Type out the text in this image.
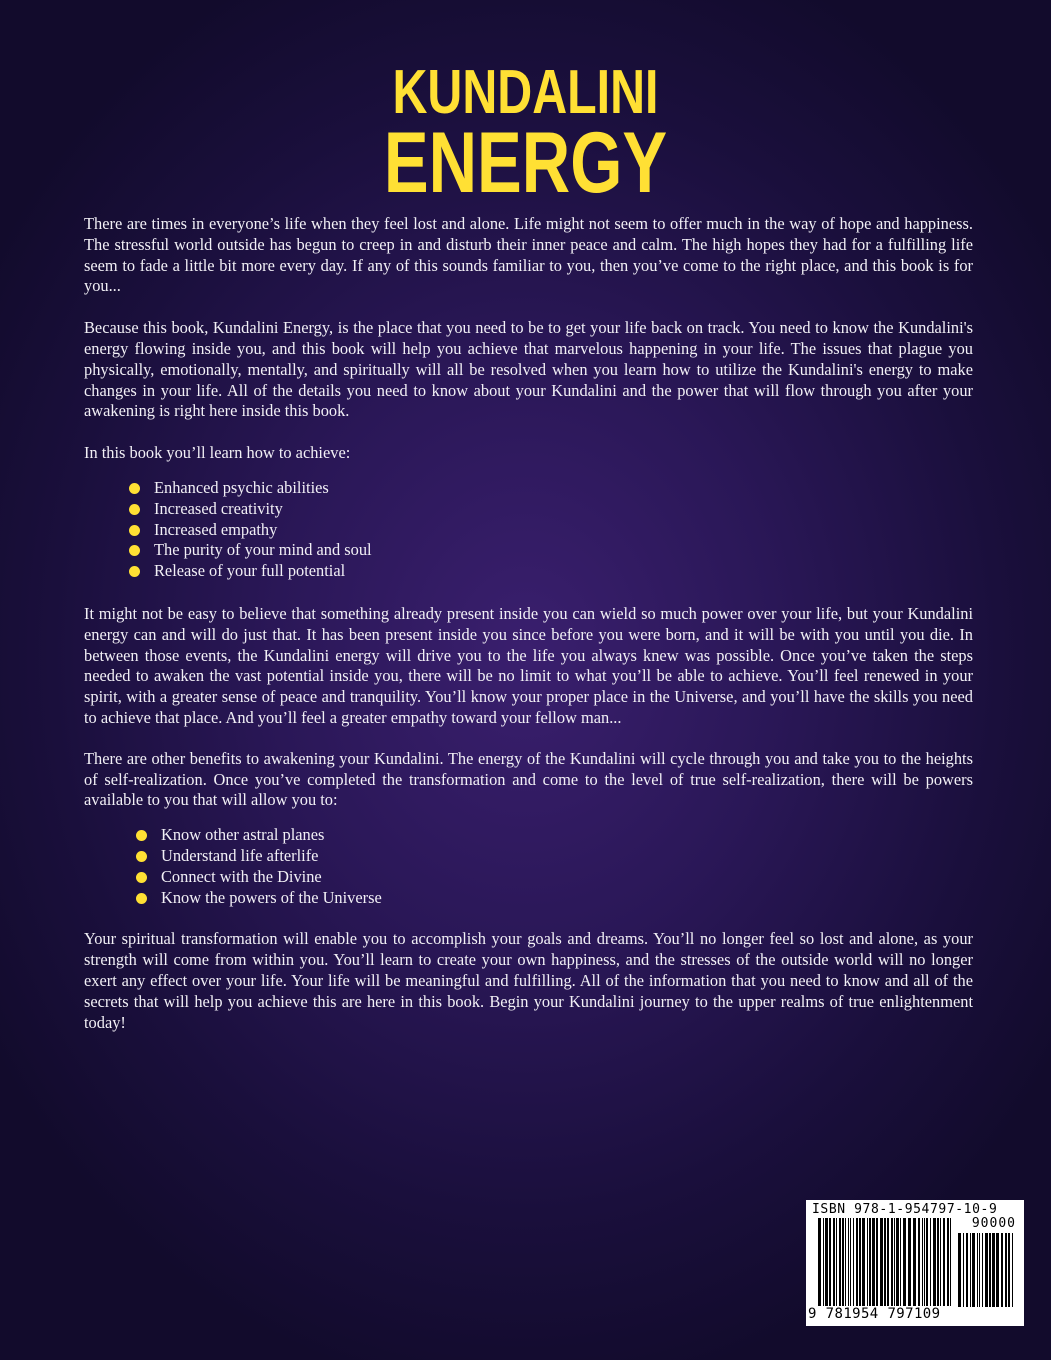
KUNDALINI
ENERGY

There are times in everyone’s life when they feel lost and alone. Life might not seem to offer much in the way of hope and happiness. The stressful world outside has begun to creep in and disturb their inner peace and calm. The high hopes they had for a fulfilling life seem to fade a little bit more every day. If any of this sounds familiar to you, then you’ve come to the right place, and this book is for you...

Because this book, Kundalini Energy, is the place that you need to be to get your life back on track. You need to know the Kundalini's energy flowing inside you, and this book will help you achieve that marvelous happening in your life. The issues that plague you physically, emotionally, mentally, and spiritually will all be resolved when you learn how to utilize the Kundalini's energy to make changes in your life. All of the details you need to know about your Kundalini and the power that will flow through you after your awakening is right here inside this book.

In this book you’ll learn how to achieve:

Enhanced psychic abilities
Increased creativity
Increased empathy
The purity of your mind and soul
Release of your full potential

It might not be easy to believe that something already present inside you can wield so much power over your life, but your Kundalini energy can and will do just that. It has been present inside you since before you were born, and it will be with you until you die. In between those events, the Kundalini energy will drive you to the life you always knew was possible. Once you’ve taken the steps needed to awaken the vast potential inside you, there will be no limit to what you’ll be able to achieve. You’ll feel renewed in your spirit, with a greater sense of peace and tranquility. You’ll know your proper place in the Universe, and you’ll have the skills you need to achieve that place. And you’ll feel a greater empathy toward your fellow man...

There are other benefits to awakening your Kundalini. The energy of the Kundalini will cycle through you and take you to the heights of self-realization. Once you’ve completed the transformation and come to the level of true self-realization, there will be powers available to you that will allow you to:

Know other astral planes
Understand life afterlife
Connect with the Divine
Know the powers of the Universe

Your spiritual transformation will enable you to accomplish your goals and dreams. You’ll no longer feel so lost and alone, as your strength will come from within you. You’ll learn to create your own happiness, and the stresses of the outside world will no longer exert any effect over your life. Your life will be meaningful and fulfilling. All of the information that you need to know and all of the secrets that will help you achieve this are here in this book. Begin your Kundalini journey to the upper realms of true enlightenment today!

ISBN 978-1-954797-10-9
90000
9 781954 797109
